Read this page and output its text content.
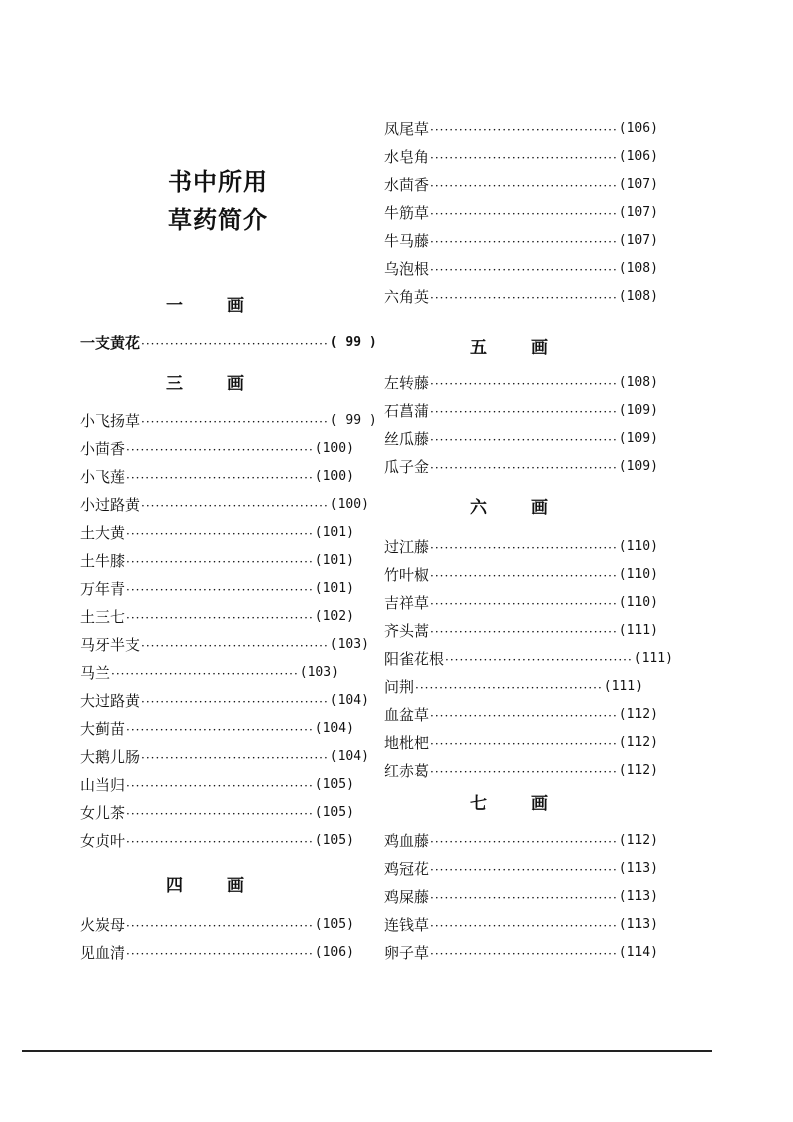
书中所用
草药简介
一	画
一支黄花 ······································· ( 99 )
三	画
小飞扬草 ······································· ( 99 )
小茴香 ······································· (100)
小飞莲 ······································· (100)
小过路黄 ······································· (100)
土大黄 ······································· (101)
土牛膝 ······································· (101)
万年青 ······································· (101)
土三七 ······································· (102)
马牙半支 ······································· (103)
马兰 ······································· (103)
大过路黄 ······································· (104)
大蓟苗 ······································· (104)
大鹅儿肠 ······································· (104)
山当归 ······································· (105)
女儿茶 ······································· (105)
女贞叶 ······································· (105)
四	画
火炭母 ······································· (105)
见血清 ······································· (106)
凤尾草 ······································· (106)
水皂角 ······································· (106)
水茴香 ······································· (107)
牛筋草 ······································· (107)
牛马藤 ······································· (107)
乌泡根 ······································· (108)
六角英 ······································· (108)
五	画
左转藤 ······································· (108)
石菖蒲 ······································· (109)
丝瓜藤 ······································· (109)
瓜子金 ······································· (109)
六	画
过江藤 ······································· (110)
竹叶椒 ······································· (110)
吉祥草 ······································· (110)
齐头蒿 ······································· (111)
阳雀花根 ······································· (111)
问荆 ······································· (111)
血盆草 ······································· (112)
地枇杷 ······································· (112)
红赤葛 ······································· (112)
七	画
鸡血藤 ······································· (112)
鸡冠花 ······································· (113)
鸡屎藤 ······································· (113)
连钱草 ······································· (113)
卵子草 ······································· (114)
